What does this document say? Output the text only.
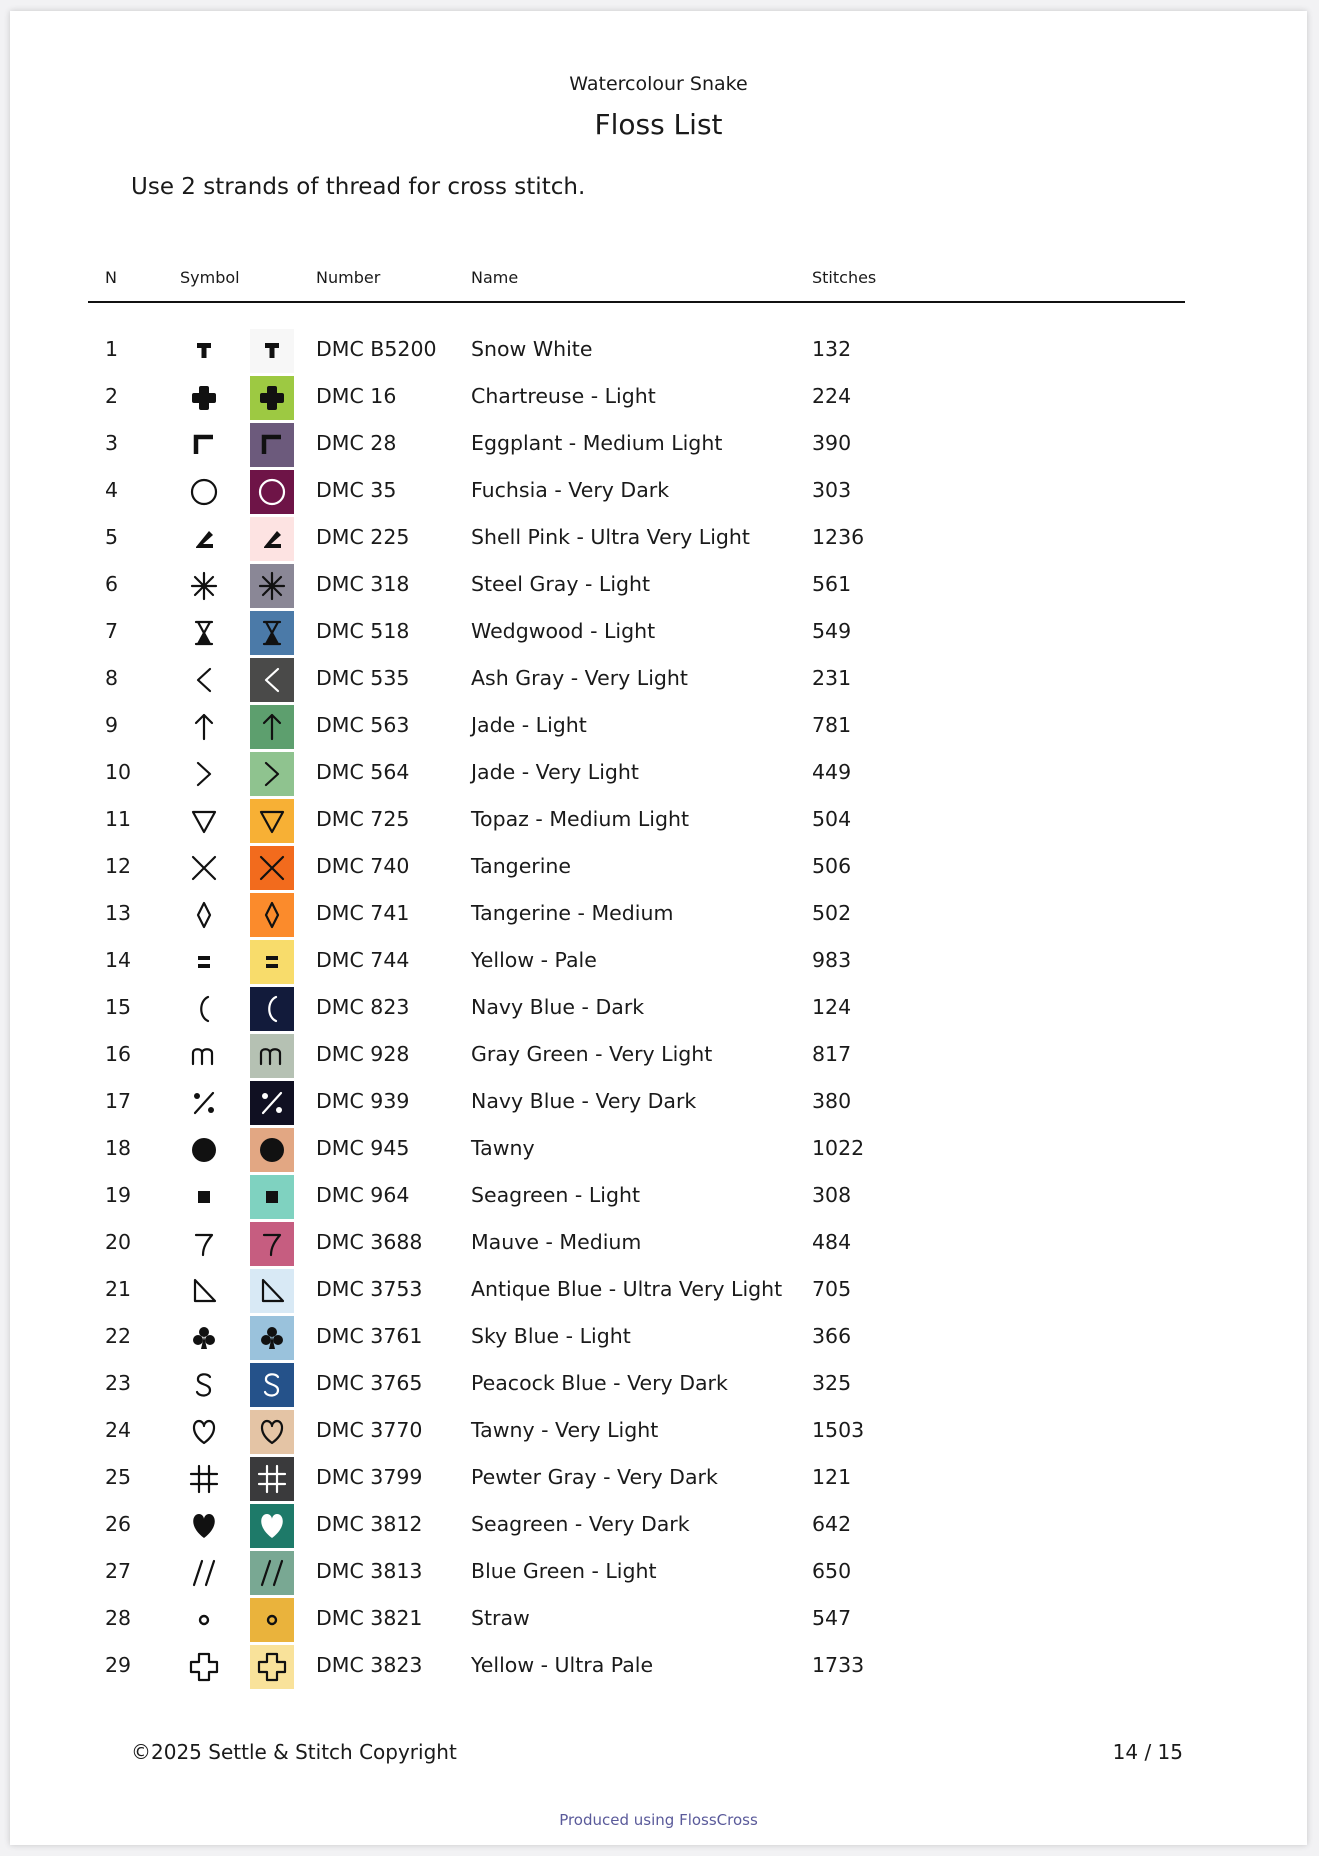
Watercolour Snake
Floss List
Use 2 strands of thread for cross stitch.
N	Symbol	Number	Name	Stitches
1	DMC B5200 Snow White	132
2	DMC 16	Chartreuse - Light	224
3	DMC 28	Eggplant - Medium Light	390
4	DMC 35	Fuchsia - Very Dark	303
5	DMC 225	Shell Pink - Ultra Very Light	1236
6	DMC 318	Steel Gray - Light	561
7	DMC 518	Wedgwood - Light	549
8	DMC 535	Ash Gray - Very Light	231
9	DMC 563	Jade - Light	781
10	DMC 564	Jade - Very Light	449
11	DMC 725	Topaz - Medium Light	504
12	DMC 740	Tangerine	506
13	DMC 741	Tangerine - Medium	502
14	DMC 744	Yellow - Pale	983
15	DMC 823	Navy Blue - Dark	124
16	DMC 928	Gray Green - Very Light	817
17	DMC 939	Navy Blue - Very Dark	380
18	DMC 945	Tawny	1022
19	DMC 964	Seagreen - Light	308
20	DMC 3688 Mauve - Medium	484
21	DMC 3753 Antique Blue - Ultra Very Light 705
22	DMC 3761 Sky Blue - Light	366
23	DMC 3765 Peacock Blue - Very Dark	325
24	DMC 3770 Tawny - Very Light	1503
25	DMC 3799 Pewter Gray - Very Dark	121
26	DMC 3812 Seagreen - Very Dark	642
27	DMC 3813 Blue Green - Light	650
28	DMC 3821 Straw	547
29	DMC 3823 Yellow - Ultra Pale	1733
©2025 Settle & Stitch Copyright	14 / 15
Produced using FlossCross
